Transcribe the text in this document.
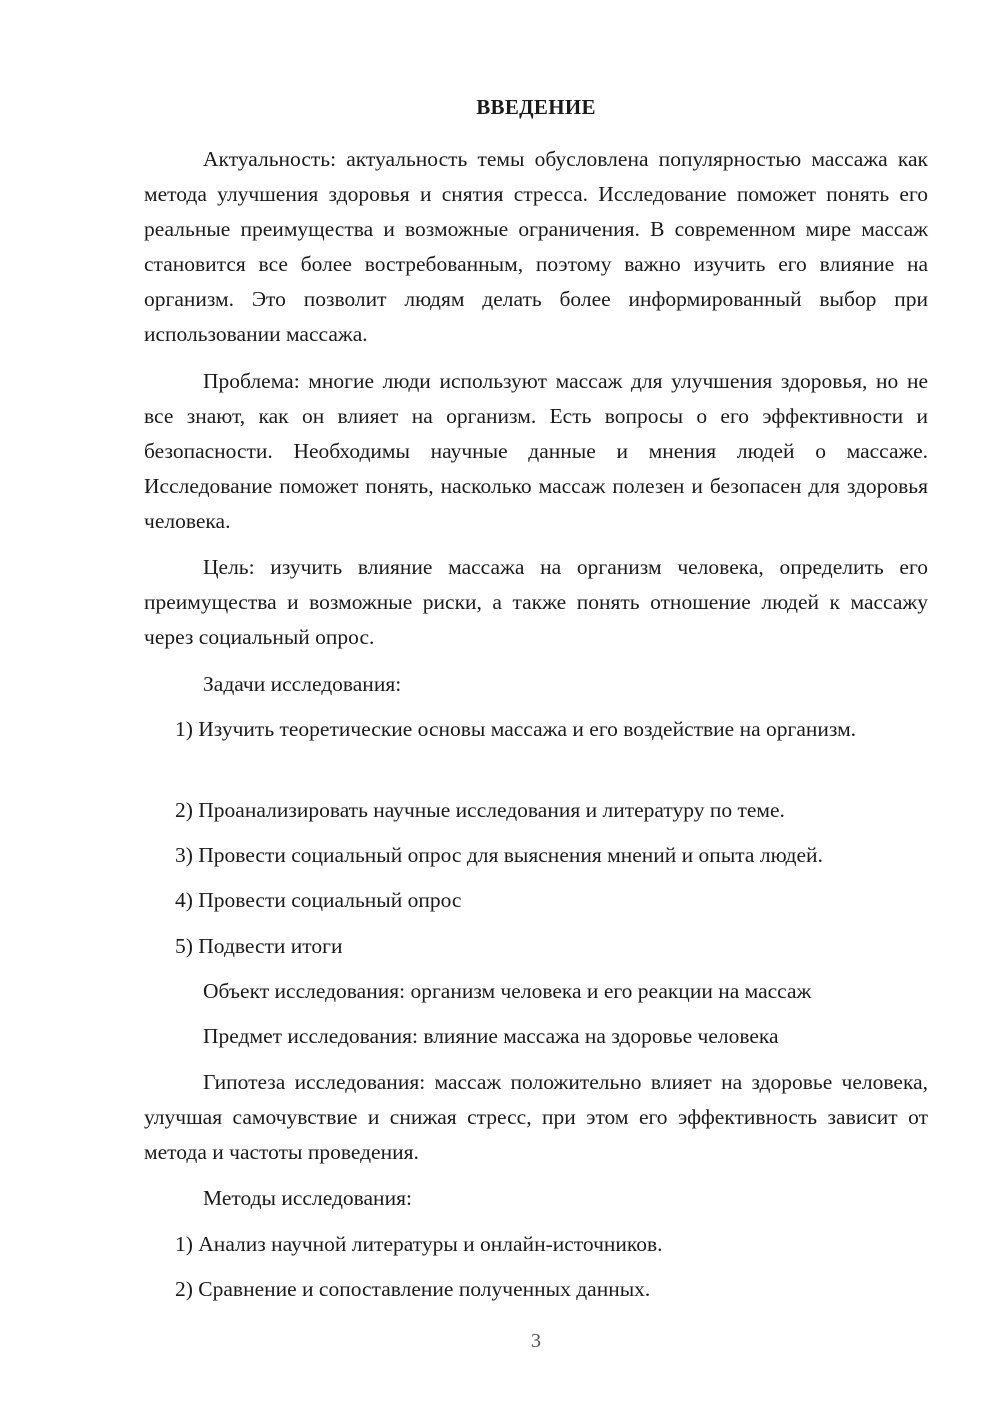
ВВЕДЕНИЕ

Актуальность: актуальность темы обусловлена популярностью массажа как метода улучшения здоровья и снятия стресса. Исследование поможет понять его реальные преимущества и возможные ограничения. В современном мире массаж становится все более востребованным, поэтому важно изучить его влияние на организм. Это позволит людям делать более информированный выбор при использовании массажа.

Проблема: многие люди используют массаж для улучшения здоровья, но не все знают, как он влияет на организм. Есть вопросы о его эффективности и безопасности. Необходимы научные данные и мнения людей о массаже. Исследование поможет понять, насколько массаж полезен и безопасен для здоровья человека.

Цель: изучить влияние массажа на организм человека, определить его преимущества и возможные риски, а также понять отношение людей к массажу через социальный опрос.

Задачи исследования:

1) Изучить теоретические основы массажа и его воздействие на организм.

2) Проанализировать научные исследования и литературу по теме.

3) Провести социальный опрос для выяснения мнений и опыта людей.

4) Провести социальный опрос

5) Подвести итоги

Объект исследования: организм человека и его реакции на массаж

Предмет исследования: влияние массажа на здоровье человека

Гипотеза исследования: массаж положительно влияет на здоровье человека, улучшая самочувствие и снижая стресс, при этом его эффективность зависит от метода и частоты проведения.

Методы исследования:

1) Анализ научной литературы и онлайн-источников.

2) Сравнение и сопоставление полученных данных.

3
